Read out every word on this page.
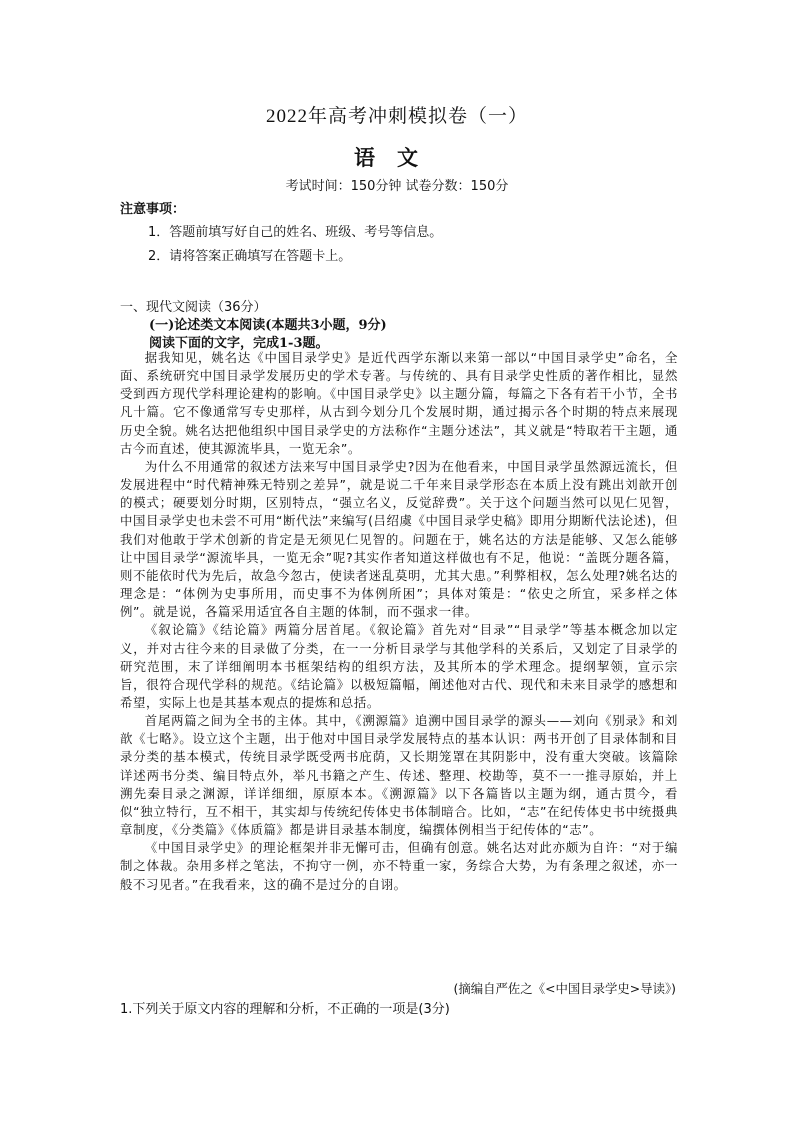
2022年高考冲刺模拟卷（一）
语文
考试时间：150分钟 试卷分数：150分
注意事项：
1．答题前填写好自己的姓名、班级、考号等信息。
2．请将答案正确填写在答题卡上。
一、现代文阅读（36分）
(一)论述类文本阅读(本题共3小题，9分)
阅读下面的文字，完成1-3题。

据我知见，姚名达《中国目录学史》是近代西学东渐以来第一部以“中国目录学史”命名，全面、系统研究中国目录学发展历史的学术专著。与传统的、具有目录学史性质的著作相比，显然受到西方现代学科理论建构的影响。《中国目录学史》以主题分篇，每篇之下各有若干小节，全书凡十篇。它不像通常写专史那样，从古到今划分几个发展时期，通过揭示各个时期的特点来展现历史全貌。姚名达把他组织中国目录学史的方法称作“主题分述法”，其义就是“特取若干主题，通古今而直述，使其源流毕具，一览无余”。

为什么不用通常的叙述方法来写中国目录学史?因为在他看来，中国目录学虽然源远流长，但发展进程中“时代精神殊无特别之差异”，就是说二千年来目录学形态在本质上没有跳出刘歆开创的模式；硬要划分时期，区别特点，“强立名义，反觉辞费”。关于这个问题当然可以见仁见智，中国目录学史也未尝不可用“断代法”来编写(吕绍虞《中国目录学史稿》即用分期断代法论述)，但我们对他敢于学术创新的肯定是无须见仁见智的。问题在于，姚名达的方法是能够、又怎么能够让中国目录学“源流毕具，一览无余”呢?其实作者知道这样做也有不足，他说：“盖既分题各篇，则不能依时代为先后，故急今忽古，使读者迷乱莫明，尤其大患。”利弊相权，怎么处理?姚名达的理念是：“体例为史事所用，而史事不为体例所困”；具体对策是：“依史之所宜，采多样之体例”。就是说，各篇采用适宜各自主题的体制，而不强求一律。

《叙论篇》《结论篇》两篇分居首尾。《叙论篇》首先对“目录”“目录学”等基本概念加以定义，并对古往今来的目录做了分类，在一一分析目录学与其他学科的关系后，又划定了目录学的研究范围，末了详细阐明本书框架结构的组织方法，及其所本的学术理念。提纲挈领，宣示宗旨，很符合现代学科的规范。《结论篇》以极短篇幅，阐述他对古代、现代和未来目录学的感想和希望，实际上也是其基本观点的提炼和总括。

首尾两篇之间为全书的主体。其中，《溯源篇》追溯中国目录学的源头——刘向《别录》和刘歆《七略》。设立这个主题，出于他对中国目录学发展特点的基本认识：两书开创了目录体制和目录分类的基本模式，传统目录学既受两书庇荫，又长期笼罩在其阴影中，没有重大突破。该篇除详述两书分类、编目特点外，举凡书籍之产生、传述、整理、校勘等，莫不一一推寻原始，并上溯先秦目录之渊源，详详细细，原原本本。《溯源篇》以下各篇皆以主题为纲，通古贯今，看似“独立特行，互不相干，其实却与传统纪传体史书体制暗合。比如，“志”在纪传体史书中统摄典章制度，《分类篇》《体质篇》都是讲目录基本制度，编撰体例相当于纪传体的“志”。

《中国目录学史》的理论框架并非无懈可击，但确有创意。姚名达对此亦颇为自许：“对于编制之体裁。杂用多样之笔法，不拘守一例，亦不特重一家，务综合大势，为有条理之叙述，亦一般不习见者。”在我看来，这的确不是过分的自诩。

(摘编自严佐之《<中国目录学史>导读》)
1.下列关于原文内容的理解和分析，不正确的一项是(3分)
